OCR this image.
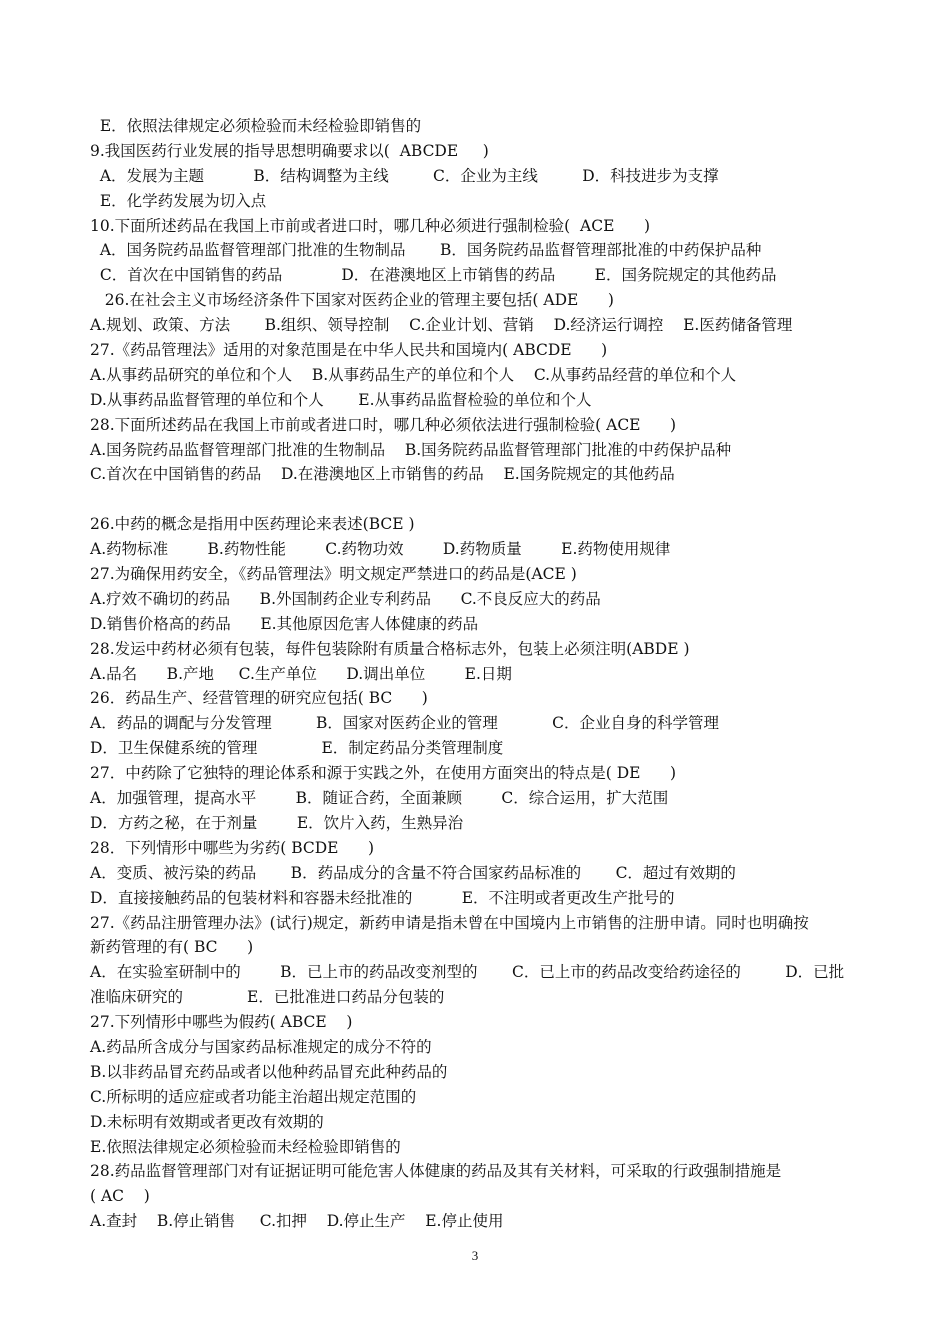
E．依照法律规定必须检验而未经检验即销售的
9.我国医药行业发展的指导思想明确要求以(  ABCDE     )
A．发展为主题          B．结构调整为主线         C．企业为主线         D．科技进步为支撑
E．化学药发展为切入点
10.下面所述药品在我国上市前或者进口时，哪几种必须进行强制检验(  ACE      )
A．国务院药品监督管理部门批准的生物制品       B．国务院药品监督管理部批准的中药保护品种
C．首次在中国销售的药品            D．在港澳地区上市销售的药品        E．国务院规定的其他药品
26.在社会主义市场经济条件下国家对医药企业的管理主要包括( ADE      )
A.规划、政策、方法       B.组织、领导控制    C.企业计划、营销    D.经济运行调控    E.医药储备管理
27.《药品管理法》适用的对象范围是在中华人民共和国境内( ABCDE      )
A.从事药品研究的单位和个人    B.从事药品生产的单位和个人    C.从事药品经营的单位和个人
D.从事药品监督管理的单位和个人       E.从事药品监督检验的单位和个人
28.下面所述药品在我国上市前或者进口时，哪几种必须依法进行强制检验( ACE      )
A.国务院药品监督管理部门批准的生物制品    B.国务院药品监督管理部门批准的中药保护品种
C.首次在中国销售的药品    D.在港澳地区上市销售的药品    E.国务院规定的其他药品
26.中药的概念是指用中医药理论来表述(BCE )
A.药物标准        B.药物性能        C.药物功效        D.药物质量        E.药物使用规律
27.为确保用药安全，《药品管理法》明文规定严禁进口的药品是(ACE )
A.疗效不确切的药品      B.外国制药企业专利药品      C.不良反应大的药品
D.销售价格高的药品      E.其他原因危害人体健康的药品
28.发运中药材必须有包装，每件包装除附有质量合格标志外，包装上必须注明(ABDE )
A.品名      B.产地     C.生产单位      D.调出单位        E.日期
26．药品生产、经营管理的研究应包括( BC      )
A．药品的调配与分发管理         B．国家对医药企业的管理           C．企业自身的科学管理
D．卫生保健系统的管理             E．制定药品分类管理制度
27．中药除了它独特的理论体系和源于实践之外，在使用方面突出的特点是( DE      )
A．加强管理，提高水平        B．随证合药，全面兼顾        C．综合运用，扩大范围
D．方药之秘，在于剂量        E．饮片入药，生熟异治
28．下列情形中哪些为劣药( BCDE      )
A．变质、被污染的药品       B．药品成分的含量不符合国家药品标准的       C．超过有效期的
D．直接接触药品的包装材料和容器未经批准的          E．不注明或者更改生产批号的
27.《药品注册管理办法》(试行)规定，新药申请是指未曾在中国境内上市销售的注册申请。同时也明确按
新药管理的有( BC      )
A．在实验室研制中的        B．已上市的药品改变剂型的       C．已上市的药品改变给药途径的         D．已批
准临床研究的             E．已批准进口药品分包装的
27.下列情形中哪些为假药( ABCE    )
A.药品所含成分与国家药品标准规定的成分不符的
B.以非药品冒充药品或者以他种药品冒充此种药品的
C.所标明的适应症或者功能主治超出规定范围的
D.未标明有效期或者更改有效期的
E.依照法律规定必须检验而未经检验即销售的
28.药品监督管理部门对有证据证明可能危害人体健康的药品及其有关材料，可采取的行政强制措施是
( AC    )
A.查封    B.停止销售     C.扣押    D.停止生产    E.停止使用
3
